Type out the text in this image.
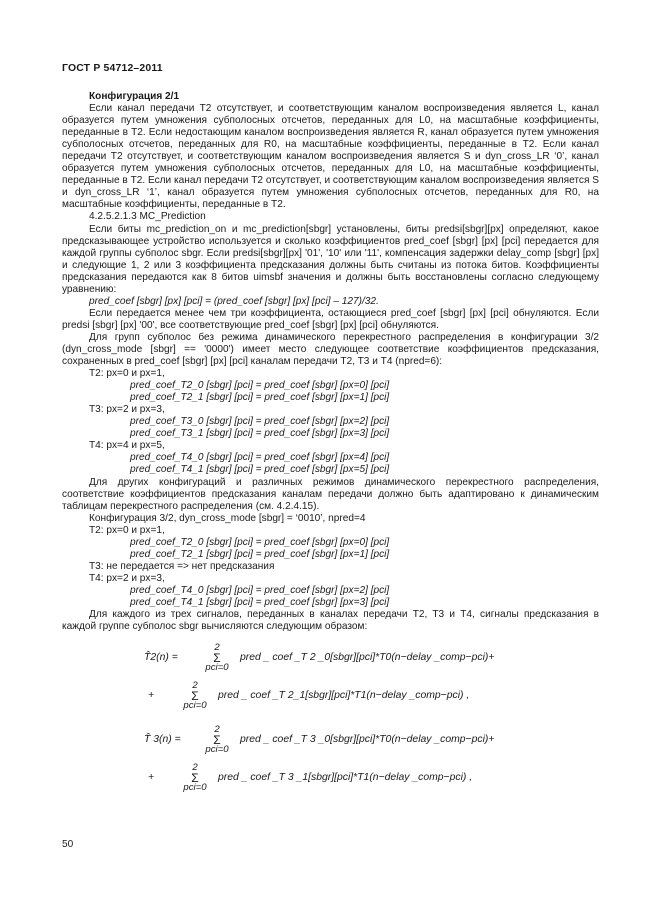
ГОСТ Р 54712–2011

Конфигурация 2/1

Если канал передачи T2 отсутствует, и соответствующим каналом воспроизведения является L, канал образуется путем умножения субполосных отсчетов, переданных для L0, на масштабные коэффициенты, переданные в T2. Если недостающим каналом воспроизведения является R, канал образуется путем умножения субполосных отсчетов, переданных для R0, на масштабные коэффициенты, переданные в T2. Если канал передачи T2 отсутствует, и соответствующим каналом воспроизведения является S и dyn_cross_LR ‘0’, канал образуется путем умножения субполосных отсчетов, переданных для L0, на масштабные коэффициенты, переданные в T2. Если канал передачи T2 отсутствует, и соответствующим каналом воспроизведения является S и dyn_cross_LR ‘1’, канал образуется путем умножения субполосных отсчетов, переданных для R0, на масштабные коэффициенты, переданные в T2.

4.2.5.2.1.3 MC_Prediction

Если биты mc_prediction_on и mc_prediction[sbgr] установлены, биты predsi[sbgr][px] определяют, какое предсказывающее устройство используется и сколько коэффициентов pred_coef [sbgr] [px] [pci] передается для каждой группы субполос sbgr. Если predsi[sbgr][px] '01', '10' или '11', компенсация задержки delay_comp [sbgr] [px] и следующие 1, 2 или 3 коэффициента предсказания должны быть считаны из потока битов. Коэффициенты предсказания передаются как 8 битов uimsbf значения и должны быть восстановлены согласно следующему уравнению:

pred_coef [sbgr] [px] [pci] = (pred_coef [sbgr] [px] [pci] – 127)/32.

Если передается менее чем три коэффициента, остающиеся pred_coef [sbgr] [px] [pci] обнуляются. Если predsi [sbgr] [px] '00', все соответствующие pred_coef [sbgr] [px] [pci] обнуляются.

Для групп субполос без режима динамического перекрестного распределения в конфигурации 3/2 (dyn_cross_mode [sbgr] == '0000') имеет место следующее соответствие коэффициентов предсказания, сохраненных в pred_coef [sbgr] [px] [pci] каналам передачи T2, T3 и T4 (npred=6):

T2: px=0 и px=1,

pred_coef_T2_0 [sbgr] [pci] = pred_coef [sbgr] [px=0] [pci]

pred_coef_T2_1 [sbgr] [pci] = pred_coef [sbgr] [px=1] [pci]

T3: px=2 и px=3,

pred_coef_T3_0 [sbgr] [pci] = pred_coef [sbgr] [px=2] [pci]

pred_coef_T3_1 [sbgr] [pci] = pred_coef [sbgr] [px=3] [pci]

T4: px=4 и px=5,

pred_coef_T4_0 [sbgr] [pci] = pred_coef [sbgr] [px=4] [pci]

pred_coef_T4_1 [sbgr] [pci] = pred_coef [sbgr] [px=5] [pci]

Для других конфигураций и различных режимов динамического перекрестного распределения, соответствие коэффициентов предсказания каналам передачи должно быть адаптировано к динамическим таблицам перекрестного распределения (см. 4.2.4.15).

Конфигурация 3/2, dyn_cross_mode [sbgr] = ‘0010’, npred=4

T2: px=0 и px=1,

pred_coef_T2_0 [sbgr] [pci] = pred_coef [sbgr] [px=0] [pci]

pred_coef_T2_1 [sbgr] [pci] = pred_coef [sbgr] [px=1] [pci]

T3: не передается => нет предсказания

T4: px=2 и px=3,

pred_coef_T4_0 [sbgr] [pci] = pred_coef [sbgr] [px=2] [pci]

pred_coef_T4_1 [sbgr] [pci] = pred_coef [sbgr] [px=3] [pci]

Для каждого из трех сигналов, переданных в каналах передачи T2, T3 и T4, сигналы предсказания в каждой группе субполос sbgr вычисляются следующим образом:

T̂2(n) =
2
Σ
pci=0
pred _ coef _T 2 _0[sbgr][pci]*T0(n−delay _comp−pci)+
+
2
Σ
pci=0
pred _ coef _T 2_1[sbgr][pci]*T1(n−delay _comp−pci) ,
T̂ 3(n) =
2
Σ
pci=0
pred _ coef _T 3 _0[sbgr][pci]*T0(n−delay _comp−pci)+
+
2
Σ
pci=0
pred _ coef _T 3 _1[sbgr][pci]*T1(n−delay _comp−pci) ,
50
